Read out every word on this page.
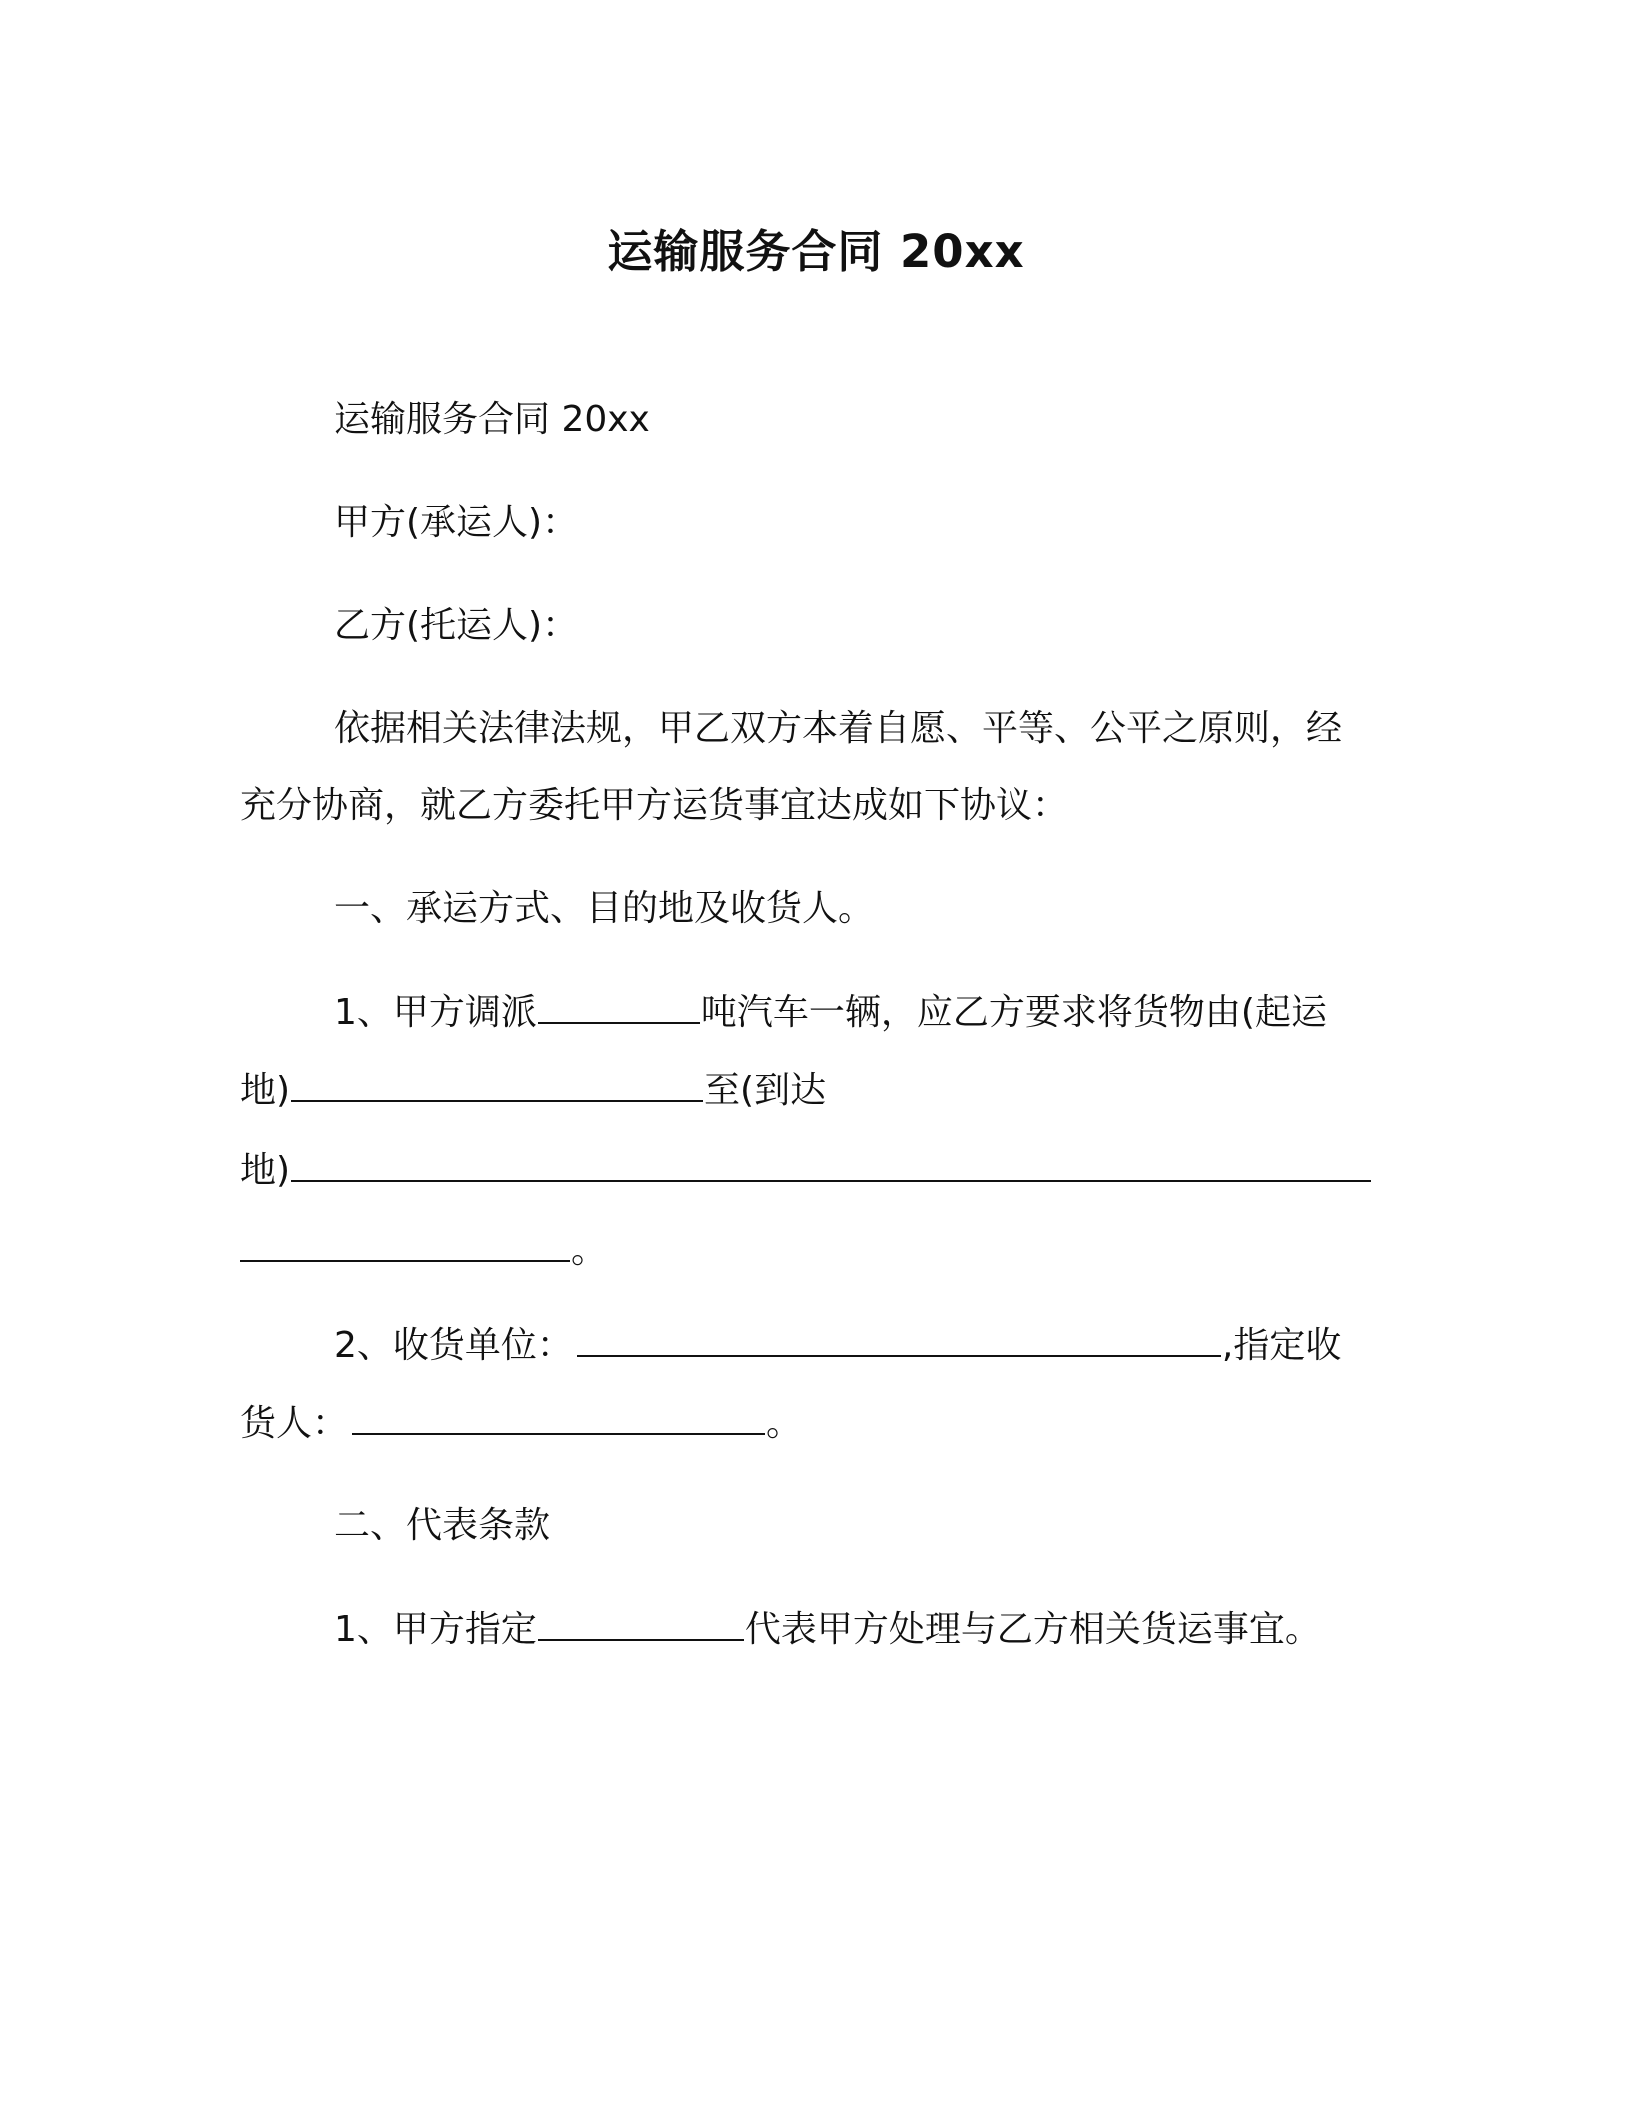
运输服务合同 20xx
运输服务合同 20xx
甲方(承运人)：
乙方(托运人)：
依据相关法律法规，甲乙双方本着自愿、平等、公平之原则，经
充分协商，就乙方委托甲方运货事宜达成如下协议：
一、承运方式、目的地及收货人。
1、甲方调派	吨汽车一辆，应乙方要求将货物由(起运
地)	至(到达
地)
。
2、收货单位：	,指定收
货人：	。
二、代表条款
1、甲方指定	代表甲方处理与乙方相关货运事宜。
